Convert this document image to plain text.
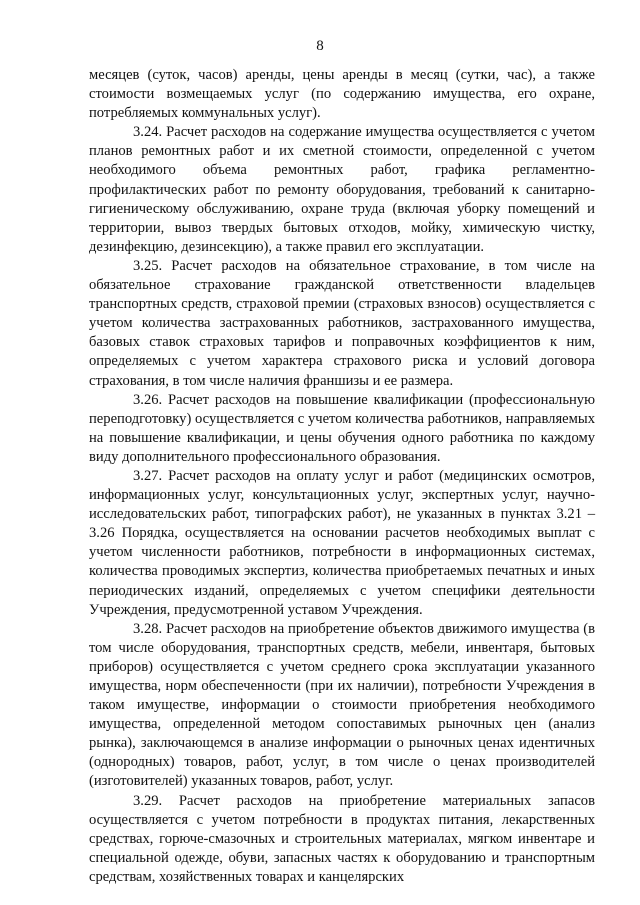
8

месяцев (суток, часов) аренды, цены аренды в месяц (сутки, час), а также стоимости возмещаемых услуг (по содержанию имущества, его охране, потребляемых коммунальных услуг).

3.24. Расчет расходов на содержание имущества осуществляется с учетом планов ремонтных работ и их сметной стоимости, определенной с учетом необходимого объема ремонтных работ, графика регламентно-профилактических работ по ремонту оборудования, требований к санитарно-гигиеническому обслуживанию, охране труда (включая уборку помещений и территории, вывоз твердых бытовых отходов, мойку, химическую чистку, дезинфекцию, дезинсекцию), а также правил его эксплуатации.

3.25. Расчет расходов на обязательное страхование, в том числе на обязательное страхование гражданской ответственности владельцев транспортных средств, страховой премии (страховых взносов) осуществляется с учетом количества застрахованных работников, застрахованного имущества, базовых ставок страховых тарифов и поправочных коэффициентов к ним, определяемых с учетом характера страхового риска и условий договора страхования, в том числе наличия франшизы и ее размера.

3.26. Расчет расходов на повышение квалификации (профессиональную переподготовку) осуществляется с учетом количества работников, направляемых на повышение квалификации, и цены обучения одного работника по каждому виду дополнительного профессионального образования.

3.27. Расчет расходов на оплату услуг и работ (медицинских осмотров, информационных услуг, консультационных услуг, экспертных услуг, научно-исследовательских работ, типографских работ), не указанных в пунктах 3.21 – 3.26 Порядка, осуществляется на основании расчетов необходимых выплат с учетом численности работников, потребности в информационных системах, количества проводимых экспертиз, количества приобретаемых печатных и иных периодических изданий, определяемых с учетом специфики деятельности Учреждения, предусмотренной уставом Учреждения.

3.28. Расчет расходов на приобретение объектов движимого имущества (в том числе оборудования, транспортных средств, мебели, инвентаря, бытовых приборов) осуществляется с учетом среднего срока эксплуатации указанного имущества, норм обеспеченности (при их наличии), потребности Учреждения в таком имуществе, информации о стоимости приобретения необходимого имущества, определенной методом сопоставимых рыночных цен (анализ рынка), заключающемся в анализе информации о рыночных ценах идентичных (однородных) товаров, работ, услуг, в том числе о ценах производителей (изготовителей) указанных товаров, работ, услуг.

3.29. Расчет расходов на приобретение материальных запасов осуществляется с учетом потребности в продуктах питания, лекарственных средствах, горюче-смазочных и строительных материалах, мягком инвентаре и специальной одежде, обуви, запасных частях к оборудованию и транспортным средствам, хозяйственных товарах и канцелярских
